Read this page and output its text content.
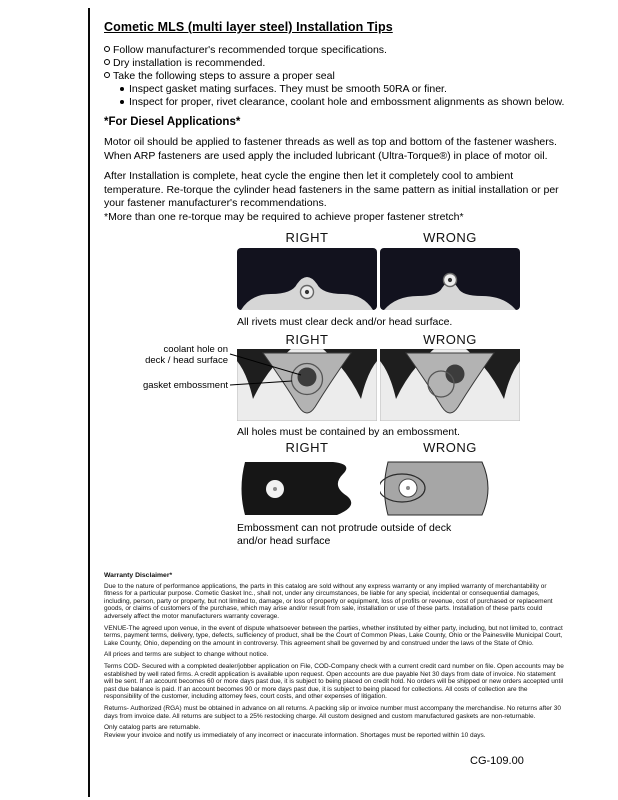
Cometic MLS (multi layer steel) Installation Tips
Follow manufacturer's recommended torque specifications.
Dry installation is recommended.
Take the following steps to assure a proper seal
Inspect gasket mating surfaces. They must be smooth 50RA or finer.
Inspect for proper, rivet clearance, coolant hole and embossment alignments as shown below.
*For Diesel Applications*

Motor oil should be applied to fastener threads as well as top and bottom of the fastener washers. When ARP fasteners are used apply the included lubricant (Ultra-Torque®) in place of motor oil.

After Installation is complete, heat cycle the engine then let it completely cool to ambient temperature. Re-torque the cylinder head fasteners in the same pattern as initial installation or per your fastener manufacturer's recommendations.

*More than one re-torque may be required to achieve proper fastener stretch*

RIGHT	WRONG
All rivets must clear deck and/or head surface.
RIGHT	WRONG
coolant hole on
deck / head surface
gasket embossment
All holes must be contained by an embossment.
RIGHT	WRONG
Embossment can not protrude outside of deck
and/or head surface

Warranty Disclaimer*

Due to the nature of performance applications, the parts in this catalog are sold without any express warranty or any implied warranty of merchantability or fitness for a particular purpose. Cometic Gasket Inc., shall not, under any circumstances, be liable for any special, incidental or consequential damages, including, person, party or property, but not limited to, damage, or loss of property or equipment, loss of profits or revenue, cost of purchased or replacement goods, or claims of customers of the purchase, which may arise and/or result from sale, installation or use of these parts. Installation of these parts could adversely affect the motor manufacturers warranty coverage.

VENUE-The agreed upon venue, in the event of dispute whatsoever between the parties, whether instituted by either party, including, but not limited to, contract terms, payment terms, delivery, type, defects, sufficiency of product, shall be the Court of Common Pleas, Lake County, Ohio or the Painesville Municipal Court, Lake County, Ohio, depending on the amount in controversy. This agreement shall be governed by and construed under the laws of the State of Ohio.

All prices and terms are subject to change without notice.

Terms COD- Secured with a completed dealer/jobber application on File, COD-Company check with a current credit card number on file. Open accounts may be established by well rated firms. A credit application is available upon request. Open accounts are due payable Net 30 days from date of invoice. No statement will be sent. If an account becomes 60 or more days past due, it is subject to being placed on credit hold. No orders will be shipped or new orders accepted until past due balance is paid. If an account becomes 90 or more days past due, it is subject to being placed for collections. All costs of collection are the responsibility of the customer, including attorney fees, court costs, and other expenses of litigation.

Returns- Authorized (RGA) must be obtained in advance on all returns. A packing slip or invoice number must accompany the merchandise. No returns after 30 days from invoice date. All returns are subject to a 25% restocking charge. All custom designed and custom manufactured gaskets are non-returnable.

Only catalog parts are returnable.

Review your invoice and notify us immediately of any incorrect or inaccurate information. Shortages must be reported within 10 days.

CG-109.00
